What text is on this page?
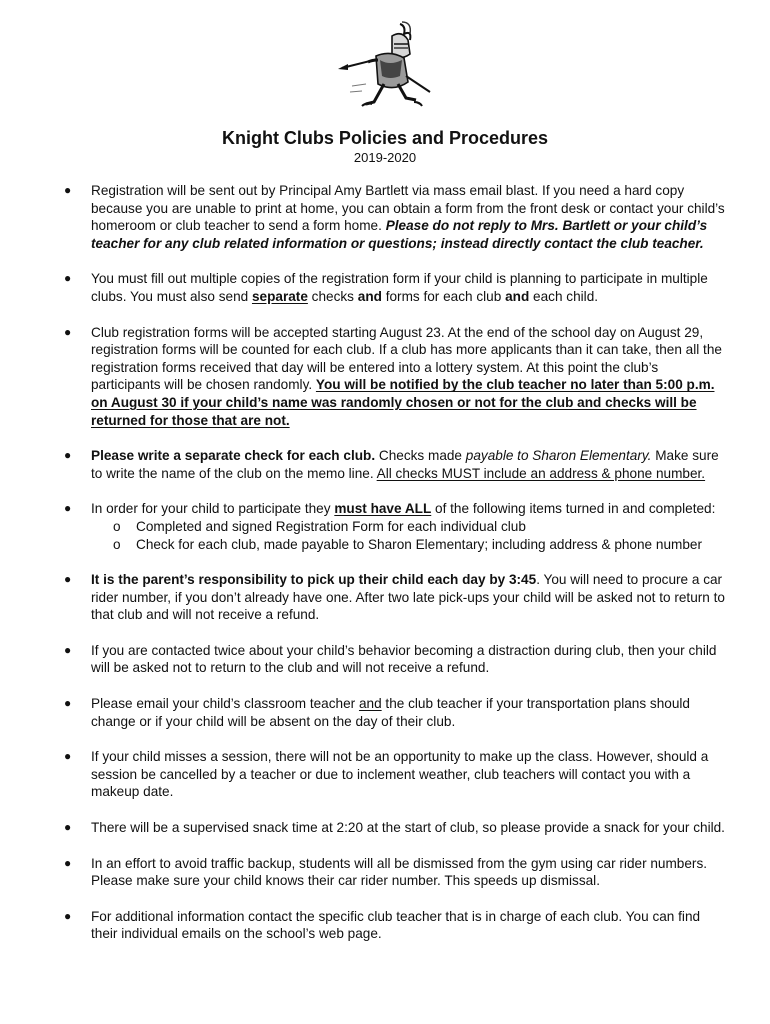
Knight Clubs Policies and Procedures
2019-2020
● Registration will be sent out by Principal Amy Bartlett via mass email blast. If you need a hard copy because you are unable to print at home, you can obtain a form from the front desk or contact your child’s homeroom or club teacher to send a form home. Please do not reply to Mrs. Bartlett or your child’s teacher for any club related information or questions; instead directly contact the club teacher.
● You must fill out multiple copies of the registration form if your child is planning to participate in multiple clubs. You must also send separate checks and forms for each club and each child.
● Club registration forms will be accepted starting August 23. At the end of the school day on August 29, registration forms will be counted for each club. If a club has more applicants than it can take, then all the registration forms received that day will be entered into a lottery system. At this point the club’s participants will be chosen randomly. You will be notified by the club teacher no later than 5:00 p.m. on August 30 if your child’s name was randomly chosen or not for the club and checks will be returned for those that are not.
● Please write a separate check for each club. Checks made payable to Sharon Elementary. Make sure to write the name of the club on the memo line. All checks MUST include an address & phone number.
● In order for your child to participate they must have ALL of the following items turned in and completed:
o Completed and signed Registration Form for each individual club
o Check for each club, made payable to Sharon Elementary; including address & phone number
● It is the parent’s responsibility to pick up their child each day by 3:45. You will need to procure a car rider number, if you don’t already have one. After two late pick-ups your child will be asked not to return to that club and will not receive a refund.
● If you are contacted twice about your child’s behavior becoming a distraction during club, then your child will be asked not to return to the club and will not receive a refund.
● Please email your child’s classroom teacher and the club teacher if your transportation plans should change or if your child will be absent on the day of their club.
● If your child misses a session, there will not be an opportunity to make up the class. However, should a session be cancelled by a teacher or due to inclement weather, club teachers will contact you with a makeup date.
● There will be a supervised snack time at 2:20 at the start of club, so please provide a snack for your child.
● In an effort to avoid traffic backup, students will all be dismissed from the gym using car rider numbers. Please make sure your child knows their car rider number. This speeds up dismissal.
● For additional information contact the specific club teacher that is in charge of each club. You can find their individual emails on the school’s web page.
